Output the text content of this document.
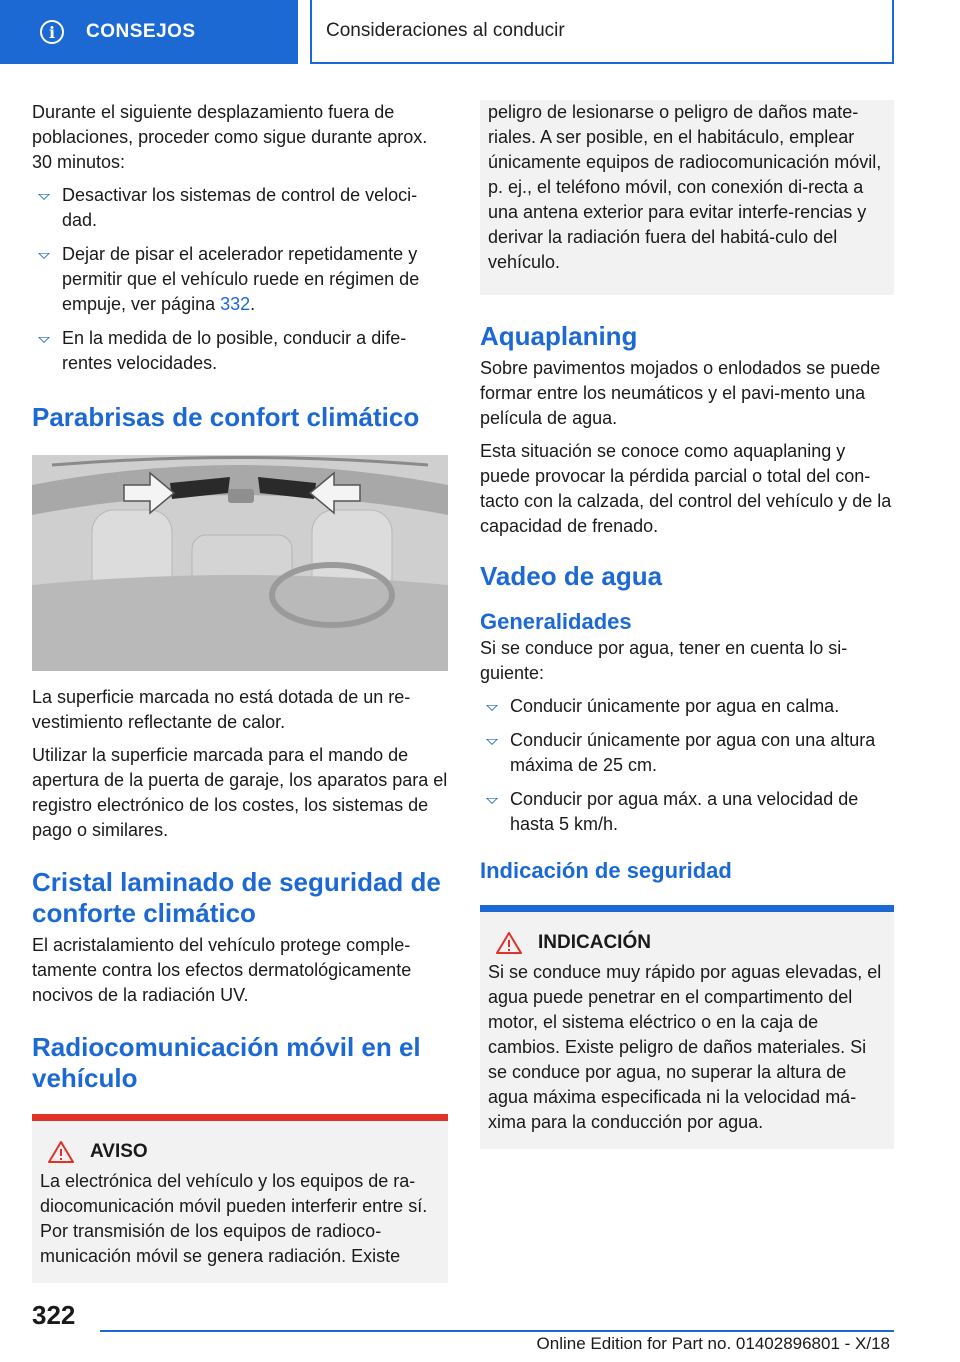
i	CONSEJOS	Consideraciones al conducir

Durante el siguiente desplazamiento fuera de poblaciones, proceder como sigue durante aprox. 30 minutos:

Desactivar los sistemas de control de veloci‐dad.
Dejar de pisar el acelerador repetidamente y permitir que el vehículo ruede en régimen de empuje, ver página 332.
En la medida de lo posible, conducir a dife‐rentes velocidades.
Parabrisas de confort climático

La superficie marcada no está dotada de un re‐vestimiento reflectante de calor.

Utilizar la superficie marcada para el mando de apertura de la puerta de garaje, los aparatos para el registro electrónico de los costes, los sistemas de pago o similares.

Cristal laminado de seguridad de conforte climático

El acristalamiento del vehículo protege comple‐tamente contra los efectos dermatológicamente nocivos de la radiación UV.

Radiocomunicación móvil en el vehículo
AVISO

La electrónica del vehículo y los equipos de ra‐diocomunicación móvil pueden interferir entre sí. Por transmisión de los equipos de radioco‐municación móvil se genera radiación. Existe

peligro de lesionarse o peligro de daños mate‐riales. A ser posible, en el habitáculo, emplear únicamente equipos de radiocomunicación móvil, p. ej., el teléfono móvil, con conexión di‐recta a una antena exterior para evitar interfe‐rencias y derivar la radiación fuera del habitá‐culo del vehículo.

Aquaplaning

Sobre pavimentos mojados o enlodados se puede formar entre los neumáticos y el pavi‐mento una película de agua.

Esta situación se conoce como aquaplaning y puede provocar la pérdida parcial o total del con‐tacto con la calzada, del control del vehículo y de la capacidad de frenado.

Vadeo de agua
Generalidades

Si se conduce por agua, tener en cuenta lo si‐guiente:

Conducir únicamente por agua en calma.
Conducir únicamente por agua con una altura máxima de 25 cm.
Conducir por agua máx. a una velocidad de hasta 5 km/h.
Indicación de seguridad
INDICACIÓN

Si se conduce muy rápido por aguas elevadas, el agua puede penetrar en el compartimento del motor, el sistema eléctrico o en la caja de cambios. Existe peligro de daños materiales. Si se conduce por agua, no superar la altura de agua máxima especificada ni la velocidad má‐xima para la conducción por agua.

322
Online Edition for Part no. 01402896801 - X/18
